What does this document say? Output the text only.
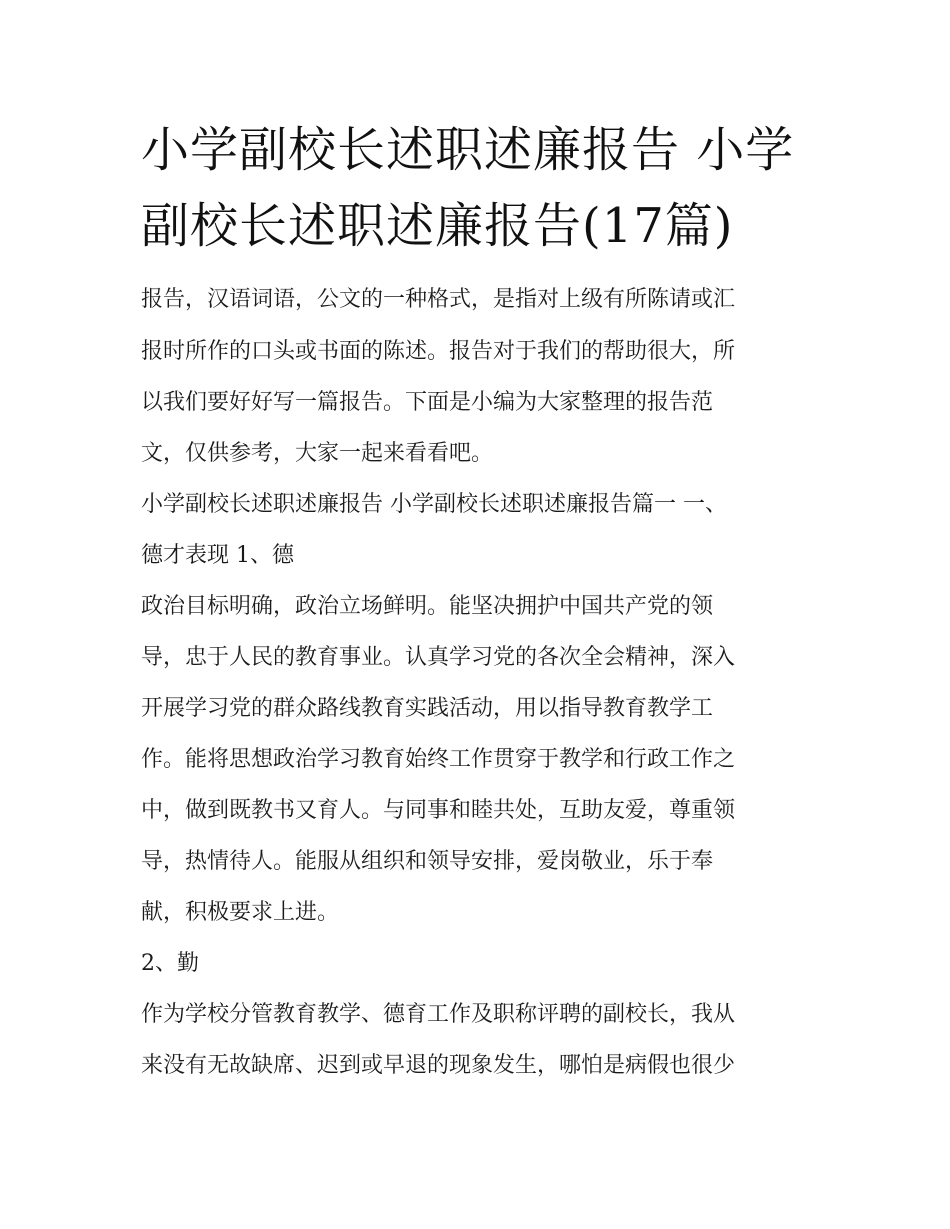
小学副校长述职述廉报告 小学副校长述职述廉报告(17篇)

报告，汉语词语，公文的一种格式，是指对上级有所陈请或汇

报时所作的口头或书面的陈述。报告对于我们的帮助很大，所

以我们要好好写一篇报告。下面是小编为大家整理的报告范

文，仅供参考，大家一起来看看吧。

小学副校长述职述廉报告 小学副校长述职述廉报告篇一 一、

德才表现 1、德

政治目标明确，政治立场鲜明。能坚决拥护中国共产党的领

导，忠于人民的教育事业。认真学习党的各次全会精神，深入

开展学习党的群众路线教育实践活动，用以指导教育教学工

作。能将思想政治学习教育始终工作贯穿于教学和行政工作之

中，做到既教书又育人。与同事和睦共处，互助友爱，尊重领

导，热情待人。能服从组织和领导安排，爱岗敬业，乐于奉

献，积极要求上进。

2、勤

作为学校分管教育教学、德育工作及职称评聘的副校长，我从

来没有无故缺席、迟到或早退的现象发生，哪怕是病假也很少
